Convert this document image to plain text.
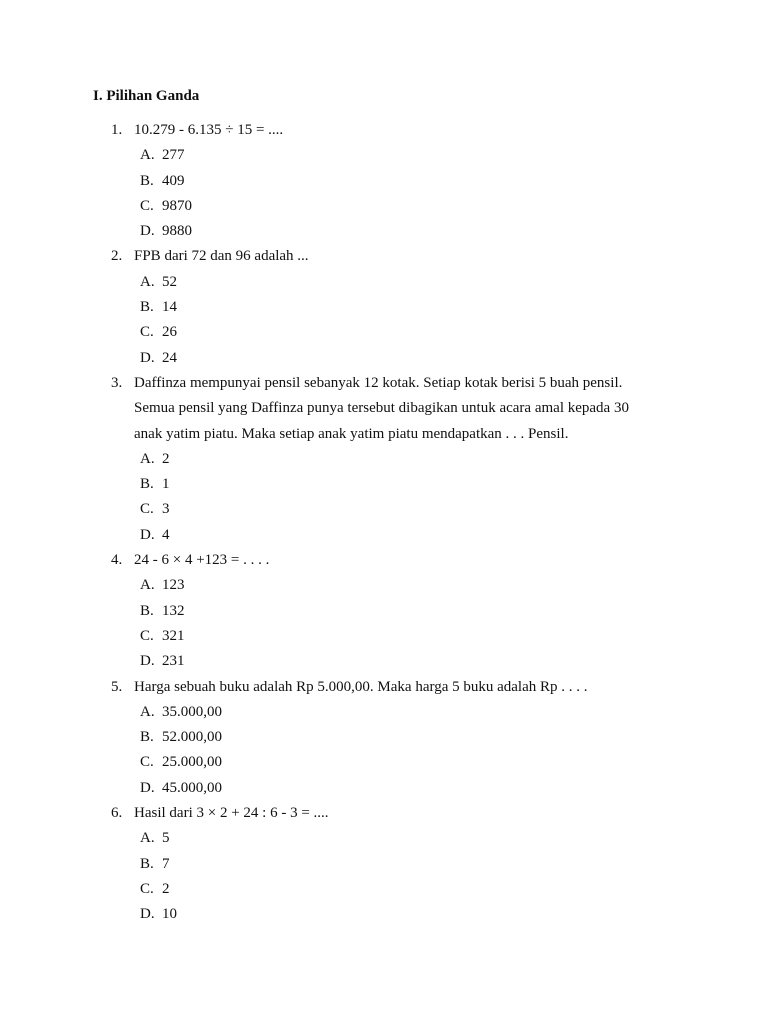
I. Pilihan Ganda
1. 10.279 - 6.135 ÷ 15 = ....
A. 277
B. 409
C. 9870
D. 9880
2. FPB dari 72 dan 96 adalah ...
A. 52
B. 14
C. 26
D. 24
3. Daffinza mempunyai pensil sebanyak 12 kotak. Setiap kotak berisi 5 buah pensil.
Semua pensil yang Daffinza punya tersebut dibagikan untuk acara amal kepada 30
anak yatim piatu. Maka setiap anak yatim piatu mendapatkan . . . Pensil.
A. 2
B. 1
C. 3
D. 4
4. 24 - 6 × 4 +123 = . . . .
A. 123
B. 132
C. 321
D. 231
5. Harga sebuah buku adalah Rp 5.000,00. Maka harga 5 buku adalah Rp . . . .
A. 35.000,00
B. 52.000,00
C. 25.000,00
D. 45.000,00
6. Hasil dari 3 × 2 + 24 : 6 - 3 = ....
A. 5
B. 7
C. 2
D. 10
